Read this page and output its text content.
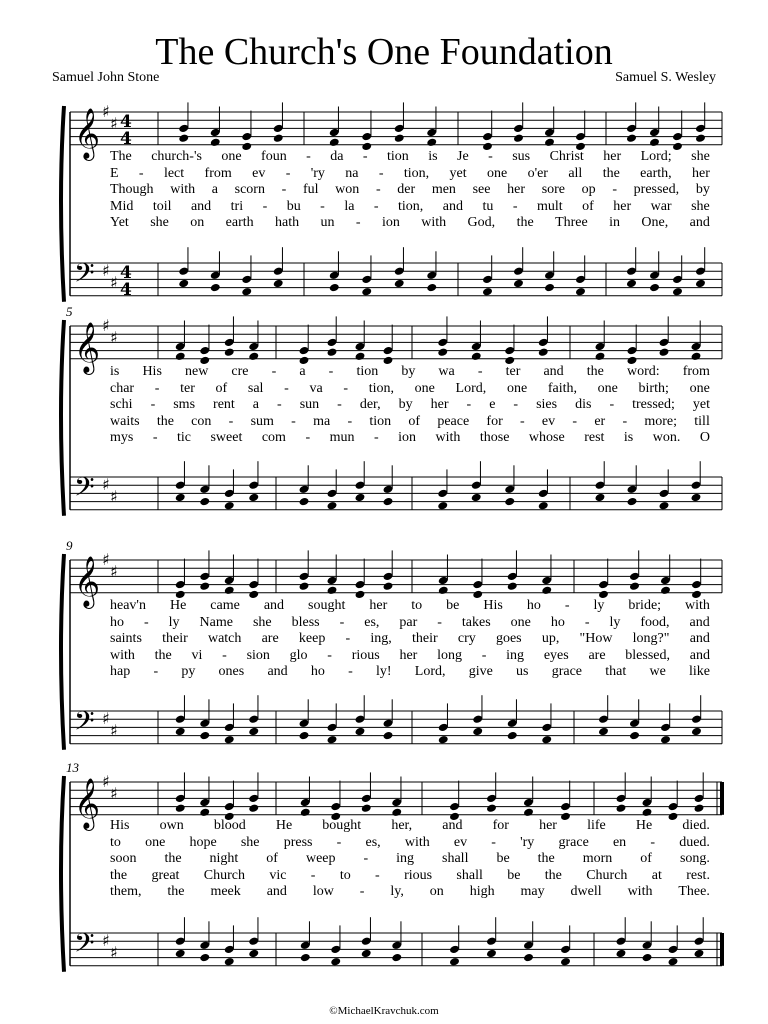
The Church's One Foundation
Samuel John Stone	Samuel S. Wesley
𝄞
𝄢
♯
♯
♯
♯
4
4
4
4
𝄞
𝄢
♯
♯
♯
♯
𝄞
𝄢
♯
♯
♯
♯
𝄞
𝄢
♯
♯
♯
♯
The church-'s one foun - da - tion is Je - sus Christ her Lord; she
E - lect from ev - 'ry na - tion, yet one o'er all the earth, her
Though with a scorn - ful won - der men see her sore op - pressed, by
Mid toil and tri - bu - la - tion, and tu - mult of her war she
Yet she on earth hath un - ion with God, the Three in One, and
5
is His new cre - a - tion by wa - ter and the word: from
char - ter of sal - va - tion, one Lord, one faith, one birth; one
schi - sms rent a - sun - der, by her - e - sies dis - tressed; yet
waits the con - sum - ma - tion of peace for - ev - er - more; till
mys - tic sweet com - mun - ion with those whose rest is won. O
9
heav'n He came and sought her to be His ho - ly bride; with
ho - ly Name she bless - es, par - takes one ho - ly food, and
saints their watch are keep - ing, their cry goes up, "How long?" and
with the vi - sion glo - rious her long - ing eyes are blessed, and
hap - py ones and ho - ly! Lord, give us grace that we like
13
His own blood He bought her, and for her life He died.
to one hope she press - es, with ev - 'ry grace en - dued.
soon the night of weep - ing shall be the morn of song.
the great Church vic - to - rious shall be the Church at rest.
them, the meek and low - ly, on high may dwell with Thee.
©MichaelKravchuk.com
